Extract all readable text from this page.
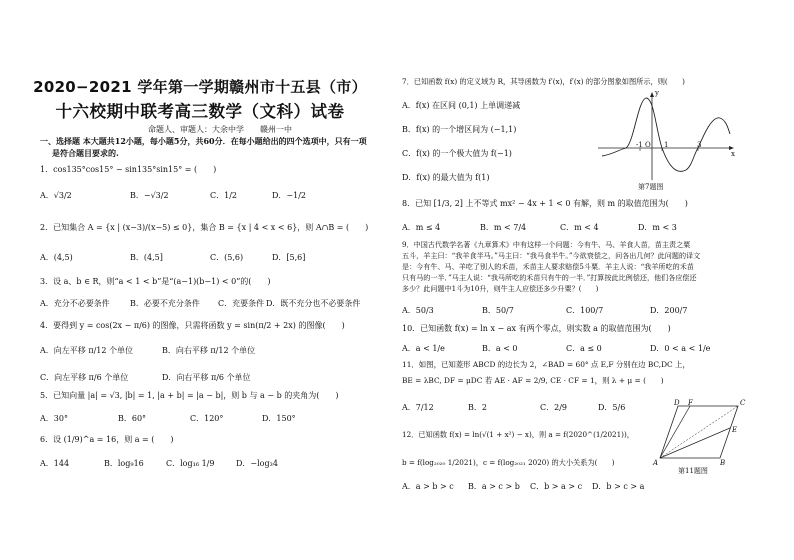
2020−2021 学年第一学期赣州市十五县（市）
十六校期中联考高三数学（文科）试卷
命题人、审题人：大余中学　　赣州一中
一、选择题 本大题共12小题，每小题5分，共60分．在每小题给出的四个选项中，只有一项
是符合题目要求的.
1．cos135°cos15° − sin135°sin15° = (　　)
A．√3/2	B．−√3/2	C．1/2	D．−1/2
2．已知集合 A = {x | (x−3)/(x−5) ≤ 0}，集合 B = {x | 4 < x < 6}，则 A∩B = (　　)
A．(4,5)	B．(4,5]	C．(5,6)	D．[5,6]
3．设 a、b ∈ R，则“a < 1 < b”是“(a−1)(b−1) < 0”的(　　)
A．充分不必要条件	B．必要不充分条件 C．充要条件 D．既不充分也不必要条件
4．要得到 y = cos(2x − π/6) 的图像，只需将函数 y = sin(π/2 + 2x) 的图像(　　)
A．向左平移 π/12 个单位	B．向右平移 π/12 个单位
C．向左平移 π/6 个单位	D．向右平移 π/6 个单位
5．已知向量 |a| = √3, |b| = 1, |a + b| = |a − b|，则 b 与 a − b 的夹角为(　　)
A．30°	B．60°	C．120°	D．150°
6．设 (1/9)^a = 16，则 a = (　　)
A．144	B．log₉16	C．log₁₆ 1/9	D．−log₃4
7．已知函数 f(x) 的定义域为 R，其导函数为 f′(x)，f′(x) 的部分图象如图所示，则(　　)
A．f(x) 在区间 (0,1) 上单调递减
B．f(x) 的一个增区间为 (−1,1)
C．f(x) 的一个极大值为 f(−1)
D．f(x) 的最大值为 f(1)
-1 O 1	3
x
y
第7题图
8．已知 [1/3, 2] 上不等式 mx² − 4x + 1 < 0 有解，则 m 的取值范围为(　　)
A．m ≤ 4	B．m < 7/4	C．m < 4	D．m < 3
9．中国古代数学名著《九章算术》中有这样一个问题：今有牛、马、羊食人苗，苗主责之粟
五斗，羊主曰：“我羊食半马。”马主曰：“我马食半牛。”今欲衰偿之，问各出几何？此问题的译文
是：今有牛、马、羊吃了别人的禾苗，禾苗主人要求赔偿5斗粟．羊主人说：“我羊所吃的禾苗
只有马的一半．”马主人说：“我马所吃的禾苗只有牛的一半．”打算按此比例偿还，他们各应偿还
多少？此问题中1斗为10升，则牛主人应偿还多少升粟？(　　)
A．50/3	B．50/7	C．100/7	D．200/7
10．已知函数 f(x) = ln x − ax 有两个零点，则实数 a 的取值范围为(　　)
A．a < 1/e	B．a < 0	C．a ≤ 0	D．0 < a < 1/e
11．如图，已知菱形 ABCD 的边长为 2，∠BAD = 60° 点 E,F 分别在边 BC,DC 上，
BE = λBC, DF = μDC 若 AE · AF = 2/9, CE · CF = 1，则 λ + μ = (　　)
A．7/12	B．2	C．2/9	D．5/6
A	B
C
D
E
F
第11题图
12．已知函数 f(x) = ln(√(1 + x²) − x)，则 a = f(2020^(1/2021))，
b = f(log₂₀₂₀ 1/2021)，c = f(log₂₀₂₁ 2020) 的大小关系为(　　)
A．a > b > c B．a > c > b C．b > a > c D．b > c > a
